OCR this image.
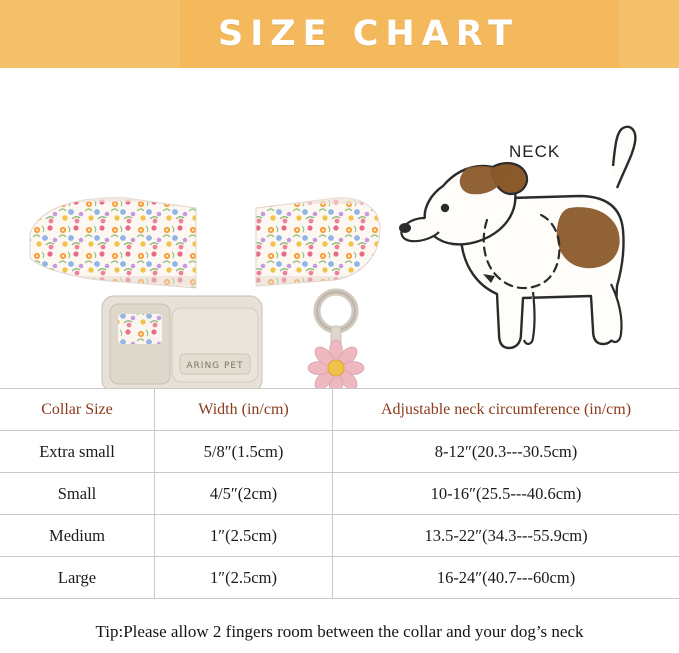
SIZE CHART
ARING PET
NECK
Collar Size	Width (in/cm)	Adjustable neck circumference (in/cm)
Extra small	5/8″(1.5cm)	8-12″(20.3---30.5cm)
Small	4/5″(2cm)	10-16″(25.5---40.6cm)
Medium	1″(2.5cm)	13.5-22″(34.3---55.9cm)
Large	1″(2.5cm)	16-24″(40.7---60cm)
Tip:Please allow 2 fingers room between the collar and your dog’s neck
